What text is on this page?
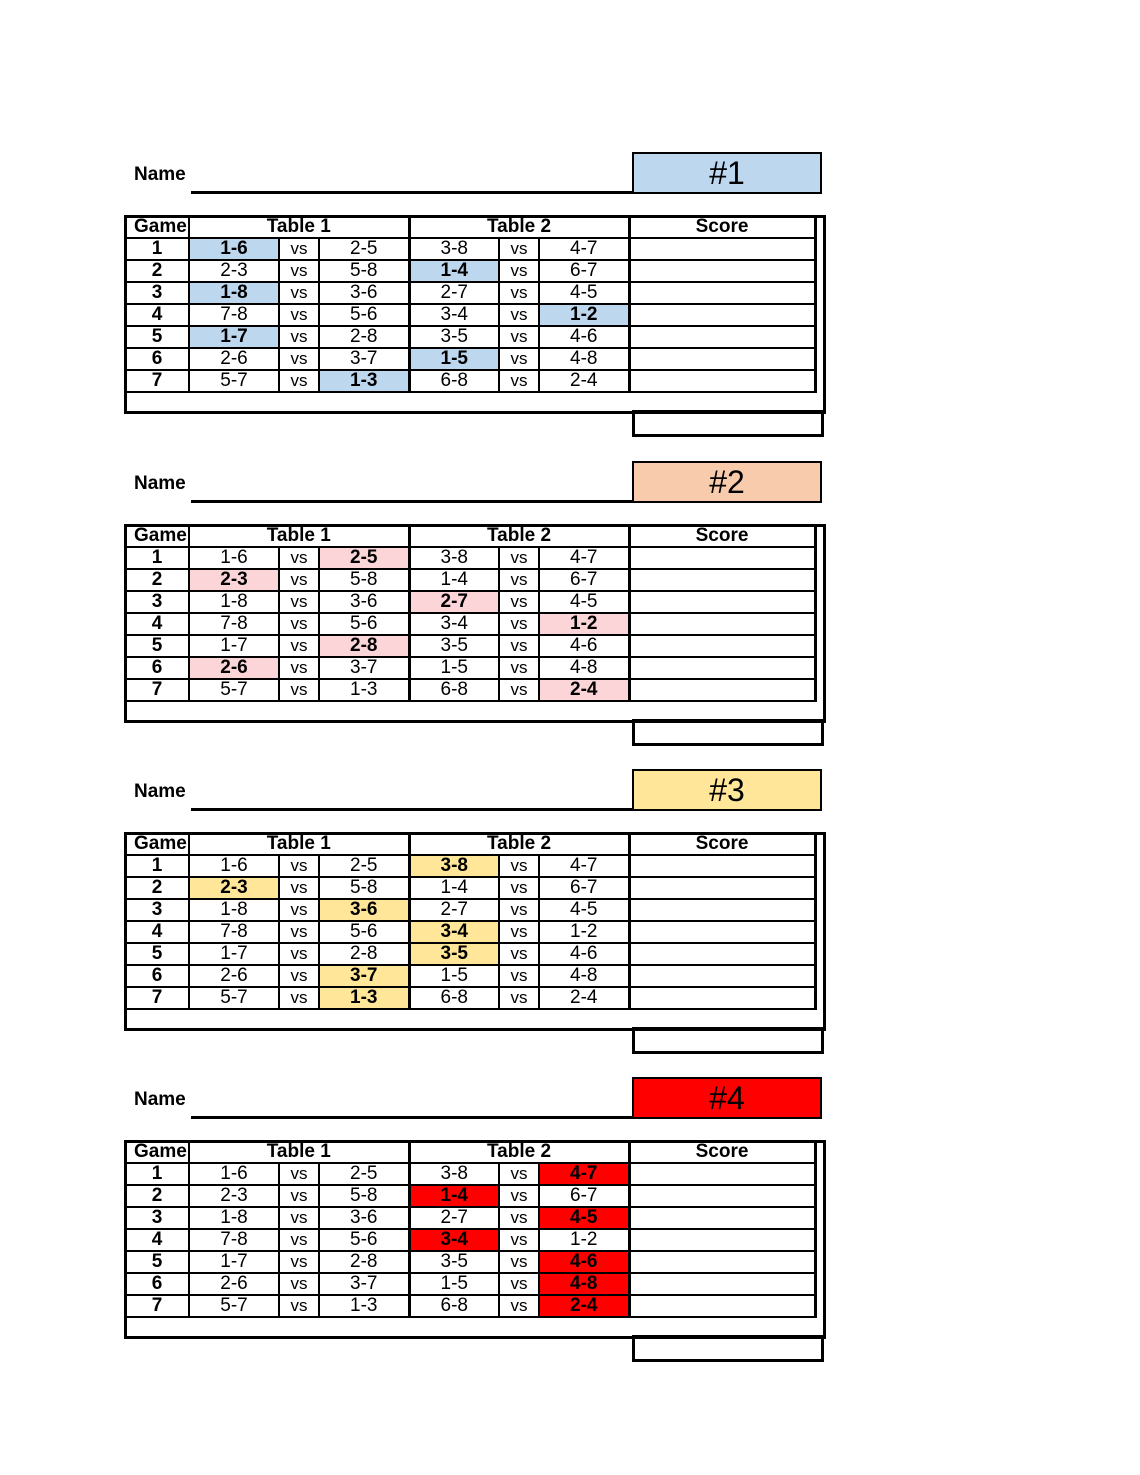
Name	#1
Game	Table 1			Table 2			Score
1	1-6	vs	2-5	3-8	vs	4-7	
2	2-3	vs	5-8	1-4	vs	6-7	
3	1-8	vs	3-6	2-7	vs	4-5	
4	7-8	vs	5-6	3-4	vs	1-2	
5	1-7	vs	2-8	3-5	vs	4-6	
6	2-6	vs	3-7	1-5	vs	4-8	
7	5-7	vs	1-3	6-8	vs	2-4	
Name	#2
Game	Table 1			Table 2			Score
1	1-6	vs	2-5	3-8	vs	4-7	
2	2-3	vs	5-8	1-4	vs	6-7	
3	1-8	vs	3-6	2-7	vs	4-5	
4	7-8	vs	5-6	3-4	vs	1-2	
5	1-7	vs	2-8	3-5	vs	4-6	
6	2-6	vs	3-7	1-5	vs	4-8	
7	5-7	vs	1-3	6-8	vs	2-4	
Name	#3
Game	Table 1			Table 2			Score
1	1-6	vs	2-5	3-8	vs	4-7	
2	2-3	vs	5-8	1-4	vs	6-7	
3	1-8	vs	3-6	2-7	vs	4-5	
4	7-8	vs	5-6	3-4	vs	1-2	
5	1-7	vs	2-8	3-5	vs	4-6	
6	2-6	vs	3-7	1-5	vs	4-8	
7	5-7	vs	1-3	6-8	vs	2-4	
Name	#4
Game	Table 1			Table 2			Score
1	1-6	vs	2-5	3-8	vs	4-7	
2	2-3	vs	5-8	1-4	vs	6-7	
3	1-8	vs	3-6	2-7	vs	4-5	
4	7-8	vs	5-6	3-4	vs	1-2	
5	1-7	vs	2-8	3-5	vs	4-6	
6	2-6	vs	3-7	1-5	vs	4-8	
7	5-7	vs	1-3	6-8	vs	2-4	
